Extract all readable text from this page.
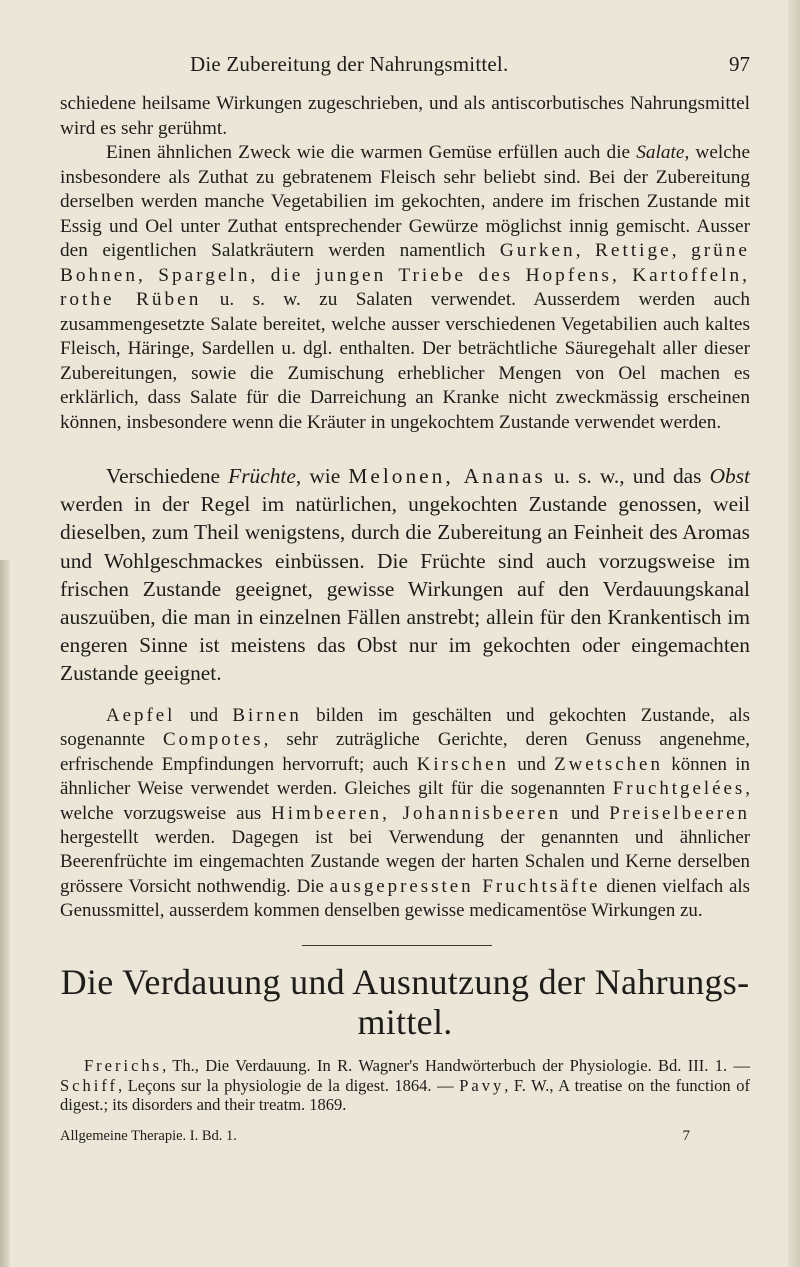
Die Zubereitung der Nahrungsmittel.	97

schiedene heilsame Wirkungen zugeschrieben, und als antiscorbutisches Nahrungsmittel wird es sehr gerühmt.

Einen ähnlichen Zweck wie die warmen Gemüse erfüllen auch die Salate, welche insbesondere als Zuthat zu gebratenem Fleisch sehr beliebt sind. Bei der Zubereitung derselben werden manche Vegetabilien im gekochten, andere im frischen Zustande mit Essig und Oel unter Zuthat entsprechender Gewürze möglichst innig gemischt. Ausser den eigentlichen Salatkräutern werden namentlich Gurken, Rettige, grüne Bohnen, Spargeln, die jungen Triebe des Hopfens, Kartoffeln, rothe Rüben u. s. w. zu Salaten verwendet. Ausserdem werden auch zusammengesetzte Salate bereitet, welche ausser verschiedenen Vegetabilien auch kaltes Fleisch, Häringe, Sardellen u. dgl. enthalten. Der beträchtliche Säuregehalt aller dieser Zubereitungen, sowie die Zumischung erheblicher Mengen von Oel machen es erklärlich, dass Salate für die Darreichung an Kranke nicht zweckmässig erscheinen können, insbesondere wenn die Kräuter in ungekochtem Zustande verwendet werden.

Verschiedene Früchte, wie Melonen, Ananas u. s. w., und das Obst werden in der Regel im natürlichen, ungekochten Zustande genossen, weil dieselben, zum Theil wenigstens, durch die Zubereitung an Feinheit des Aromas und Wohlgeschmackes einbüssen. Die Früchte sind auch vorzugsweise im frischen Zustande geeignet, gewisse Wirkungen auf den Verdauungskanal auszuüben, die man in einzelnen Fällen anstrebt; allein für den Krankentisch im engeren Sinne ist meistens das Obst nur im gekochten oder eingemachten Zustande geeignet.

Aepfel und Birnen bilden im geschälten und gekochten Zustande, als sogenannte Compotes, sehr zuträgliche Gerichte, deren Genuss angenehme, erfrischende Empfindungen hervorruft; auch Kirschen und Zwetschen können in ähnlicher Weise verwendet werden. Gleiches gilt für die sogenannten Fruchtgelées, welche vorzugsweise aus Himbeeren, Johannisbeeren und Preiselbeeren hergestellt werden. Dagegen ist bei Verwendung der genannten und ähnlicher Beerenfrüchte im eingemachten Zustande wegen der harten Schalen und Kerne derselben grössere Vorsicht nothwendig. Die ausgepressten Fruchtsäfte dienen vielfach als Genussmittel, ausserdem kommen denselben gewisse medicamentöse Wirkungen zu.

Die Verdauung und Ausnutzung der Nahrungs-
mittel.

Frerichs, Th., Die Verdauung. In R. Wagner's Handwörterbuch der Physiologie. Bd. III. 1. — Schiff, Leçons sur la physiologie de la digest. 1864. — Pavy, F. W., A treatise on the function of digest.; its disorders and their treatm. 1869.

Allgemeine Therapie. I. Bd. 1.	7
